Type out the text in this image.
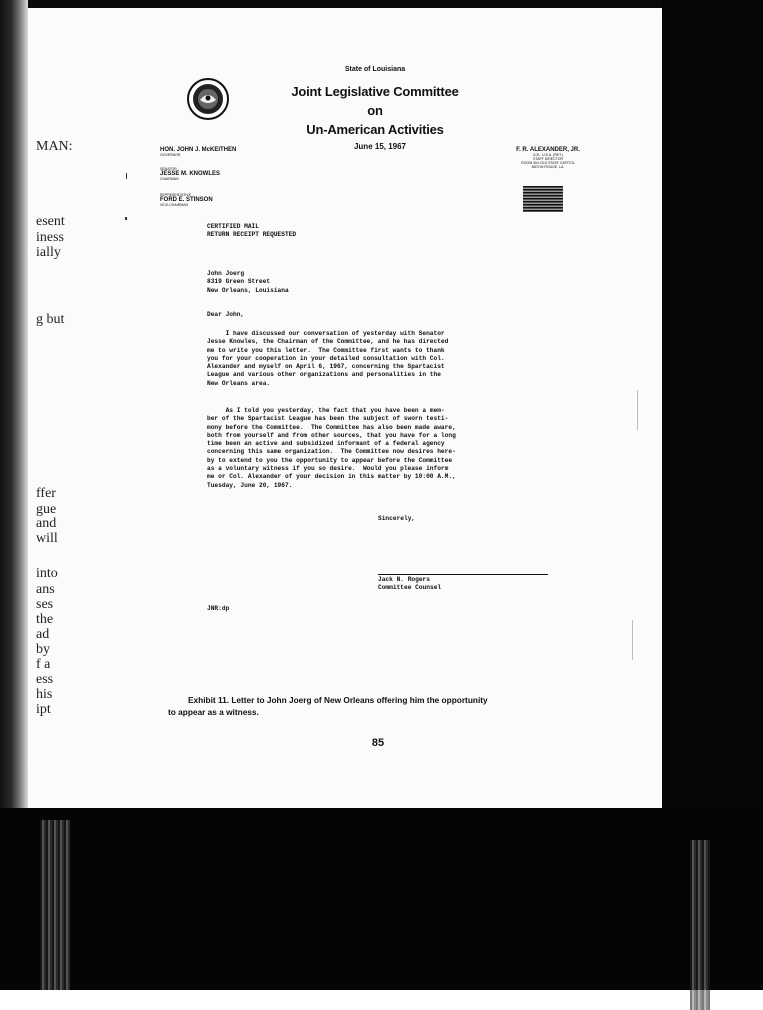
MAN:
esent
iness
ially
g but
ffer
gue
and
will
into
ans
ses
the
ad
by
f a
ess
his
ipt
State of Louisiana
Joint Legislative Committee
on
Un-American Activities
June 15, 1967
HON. JOHN J. McKEITHEN
GOVERNOR
SENATOR
JESSE M. KNOWLES
CHAIRMAN
REPRESENTATIVE
FORD E. STINSON
VICE-CHAIRMAN
F. R. ALEXANDER, JR.
COL. U.S.A. (RET.)
STAFF DIRECTOR
ROOM 404 OLD STATE CAPITOL
BATON ROUGE, LA.
CERTIFIED MAIL
RETURN RECEIPT REQUESTED
John Joerg
8319 Green Street
New Orleans, Louisiana
Dear John,
I have discussed our conversation of yesterday with Senator
Jesse Knowles, the Chairman of the Committee, and he has directed
me to write you this letter.  The Committee first wants to thank
you for your cooperation in your detailed consultation with Col.
Alexander and myself on April 6, 1967, concerning the Spartacist
League and various other organizations and personalities in the
New Orleans area.
As I told you yesterday, the fact that you have been a mem-
ber of the Spartacist League has been the subject of sworn testi-
mony before the Committee.  The Committee has also been made aware,
both from yourself and from other sources, that you have for a long
time been an active and subsidized informant of a federal agency
concerning this same organization.  The Committee now desires here-
by to extend to you the opportunity to appear before the Committee
as a voluntary witness if you so desire.  Would you please inform
me or Col. Alexander of your decision in this matter by 10:00 A.M.,
Tuesday, June 20, 1967.
Sincerely,
Jack N. Rogers
Committee Counsel
JNR:dp
Exhibit 11. Letter to John Joerg of New Orleans offering him the opportunity
to appear as a witness.
85
